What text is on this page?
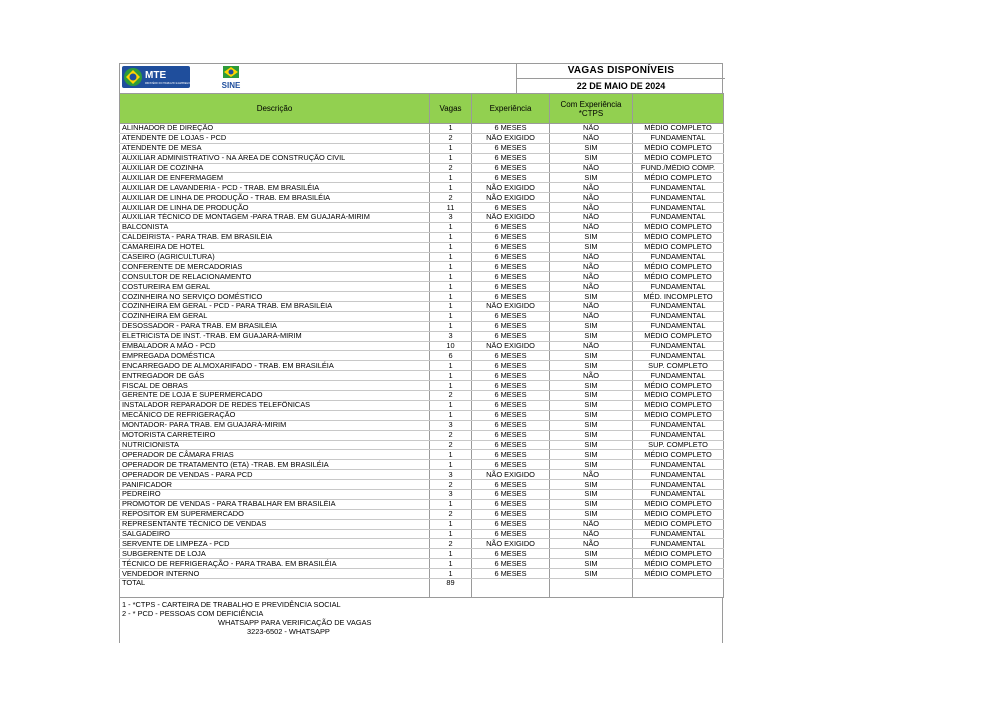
MTE
MINISTÉRIO DO TRABALHO E EMPREGO	SINE
VAGAS DISPONÍVEIS
22 DE MAIO DE 2024
Descrição	Vagas	Experiência	Com Experiência *CTPS	
ALINHADOR DE DIREÇÃO	1	6 MESES	NÃO	MÉDIO COMPLETO
ATENDENTE DE LOJAS - PCD	2	NÃO EXIGIDO	NÃO	FUNDAMENTAL
ATENDENTE DE MESA	1	6 MESES	SIM	MÉDIO COMPLETO
AUXILIAR ADMINISTRATIVO - NA ÁREA DE CONSTRUÇÃO CIVIL	1	6 MESES	SIM	MÉDIO COMPLETO
AUXILIAR DE COZINHA	2	6 MESES	NÃO	FUND./MÉDIO COMP.
AUXILIAR DE ENFERMAGEM	1	6 MESES	SIM	MÉDIO COMPLETO
AUXILIAR DE LAVANDERIA - PCD - TRAB. EM BRASILÉIA	1	NÃO EXIGIDO	NÃO	FUNDAMENTAL
AUXILIAR DE LINHA DE PRODUÇÃO - TRAB. EM BRASILÉIA	2	NÃO EXIGIDO	NÃO	FUNDAMENTAL
AUXILIAR DE LINHA DE PRODUÇÃO	11	6 MESES	NÃO	FUNDAMENTAL
AUXILIAR TÉCNICO DE MONTAGEM -PARA TRAB. EM GUAJARÁ-MIRIM	3	NÃO EXIGIDO	NÃO	FUNDAMENTAL
BALCONISTA	1	6 MESES	NÃO	MÉDIO COMPLETO
CALDEIRISTA - PARA TRAB. EM BRASILÉIA	1	6 MESES	SIM	MÉDIO COMPLETO
CAMAREIRA DE HOTEL	1	6 MESES	SIM	MÉDIO COMPLETO
CASEIRO (AGRICULTURA)	1	6 MESES	NÃO	FUNDAMENTAL
CONFERENTE DE MERCADORIAS	1	6 MESES	NÃO	MÉDIO COMPLETO
CONSULTOR DE RELACIONAMENTO	1	6 MESES	NÃO	MÉDIO COMPLETO
COSTUREIRA EM GERAL	1	6 MESES	NÃO	FUNDAMENTAL
COZINHEIRA NO SERVIÇO DOMÉSTICO	1	6 MESES	SIM	MÉD. INCOMPLETO
COZINHEIRA EM GERAL - PCD - PARA TRAB. EM BRASILÉIA	1	NÃO EXIGIDO	NÃO	FUNDAMENTAL
COZINHEIRA EM GERAL	1	6 MESES	NÃO	FUNDAMENTAL
DESOSSADOR - PARA TRAB. EM BRASILÉIA	1	6 MESES	SIM	FUNDAMENTAL
ELETRICISTA DE INST. -TRAB. EM GUAJARÁ-MIRIM	3	6 MESES	SIM	MÉDIO COMPLETO
EMBALADOR A MÃO - PCD	10	NÃO EXIGIDO	NÃO	FUNDAMENTAL
EMPREGADA DOMÉSTICA	6	6 MESES	SIM	FUNDAMENTAL
ENCARREGADO DE ALMOXARIFADO - TRAB. EM BRASILÉIA	1	6 MESES	SIM	SUP. COMPLETO
ENTREGADOR DE GÁS	1	6 MESES	NÃO	FUNDAMENTAL
FISCAL DE OBRAS	1	6 MESES	SIM	MÉDIO COMPLETO
GERENTE DE LOJA E SUPERMERCADO	2	6 MESES	SIM	MÉDIO COMPLETO
INSTALADOR REPARADOR DE REDES TELEFÔNICAS	1	6 MESES	SIM	MÉDIO COMPLETO
MECÂNICO DE REFRIGERAÇÃO	1	6 MESES	SIM	MÉDIO COMPLETO
MONTADOR- PARA TRAB. EM GUAJARÁ-MIRIM	3	6 MESES	SIM	FUNDAMENTAL
MOTORISTA CARRETEIRO	2	6 MESES	SIM	FUNDAMENTAL
NUTRICIONISTA	2	6 MESES	SIM	SUP. COMPLETO
OPERADOR DE CÂMARA FRIAS	1	6 MESES	SIM	MÉDIO COMPLETO
OPERADOR DE TRATAMENTO (ETA) -TRAB. EM BRASILÉIA	1	6 MESES	SIM	FUNDAMENTAL
OPERADOR DE VENDAS - PARA PCD	3	NÃO EXIGIDO	NÃO	FUNDAMENTAL
PANIFICADOR	2	6 MESES	SIM	FUNDAMENTAL
PEDREIRO	3	6 MESES	SIM	FUNDAMENTAL
PROMOTOR DE VENDAS - PARA TRABALHAR EM BRASILÉIA	1	6 MESES	SIM	MÉDIO COMPLETO
REPOSITOR EM SUPERMERCADO	2	6 MESES	SIM	MÉDIO COMPLETO
REPRESENTANTE TÉCNICO DE VENDAS	1	6 MESES	NÃO	MÉDIO COMPLETO
SALGADEIRO	1	6 MESES	NÃO	FUNDAMENTAL
SERVENTE DE LIMPEZA - PCD	2	NÃO EXIGIDO	NÃO	FUNDAMENTAL
SUBGERENTE DE LOJA	1	6 MESES	SIM	MÉDIO COMPLETO
TÉCNICO DE REFRIGERAÇÃO - PARA TRABA. EM BRASILÉIA	1	6 MESES	SIM	MÉDIO COMPLETO
VENDEDOR INTERNO	1	6 MESES	SIM	MÉDIO COMPLETO
TOTAL	89			

1 - *CTPS - CARTEIRA DE TRABALHO E PREVIDÊNCIA SOCIAL
2 - * PCD - PESSOAS COM DEFICIÊNCIA
WHATSAPP PARA VERIFICAÇÃO DE VAGAS
3223-6502 - WHATSAPP
